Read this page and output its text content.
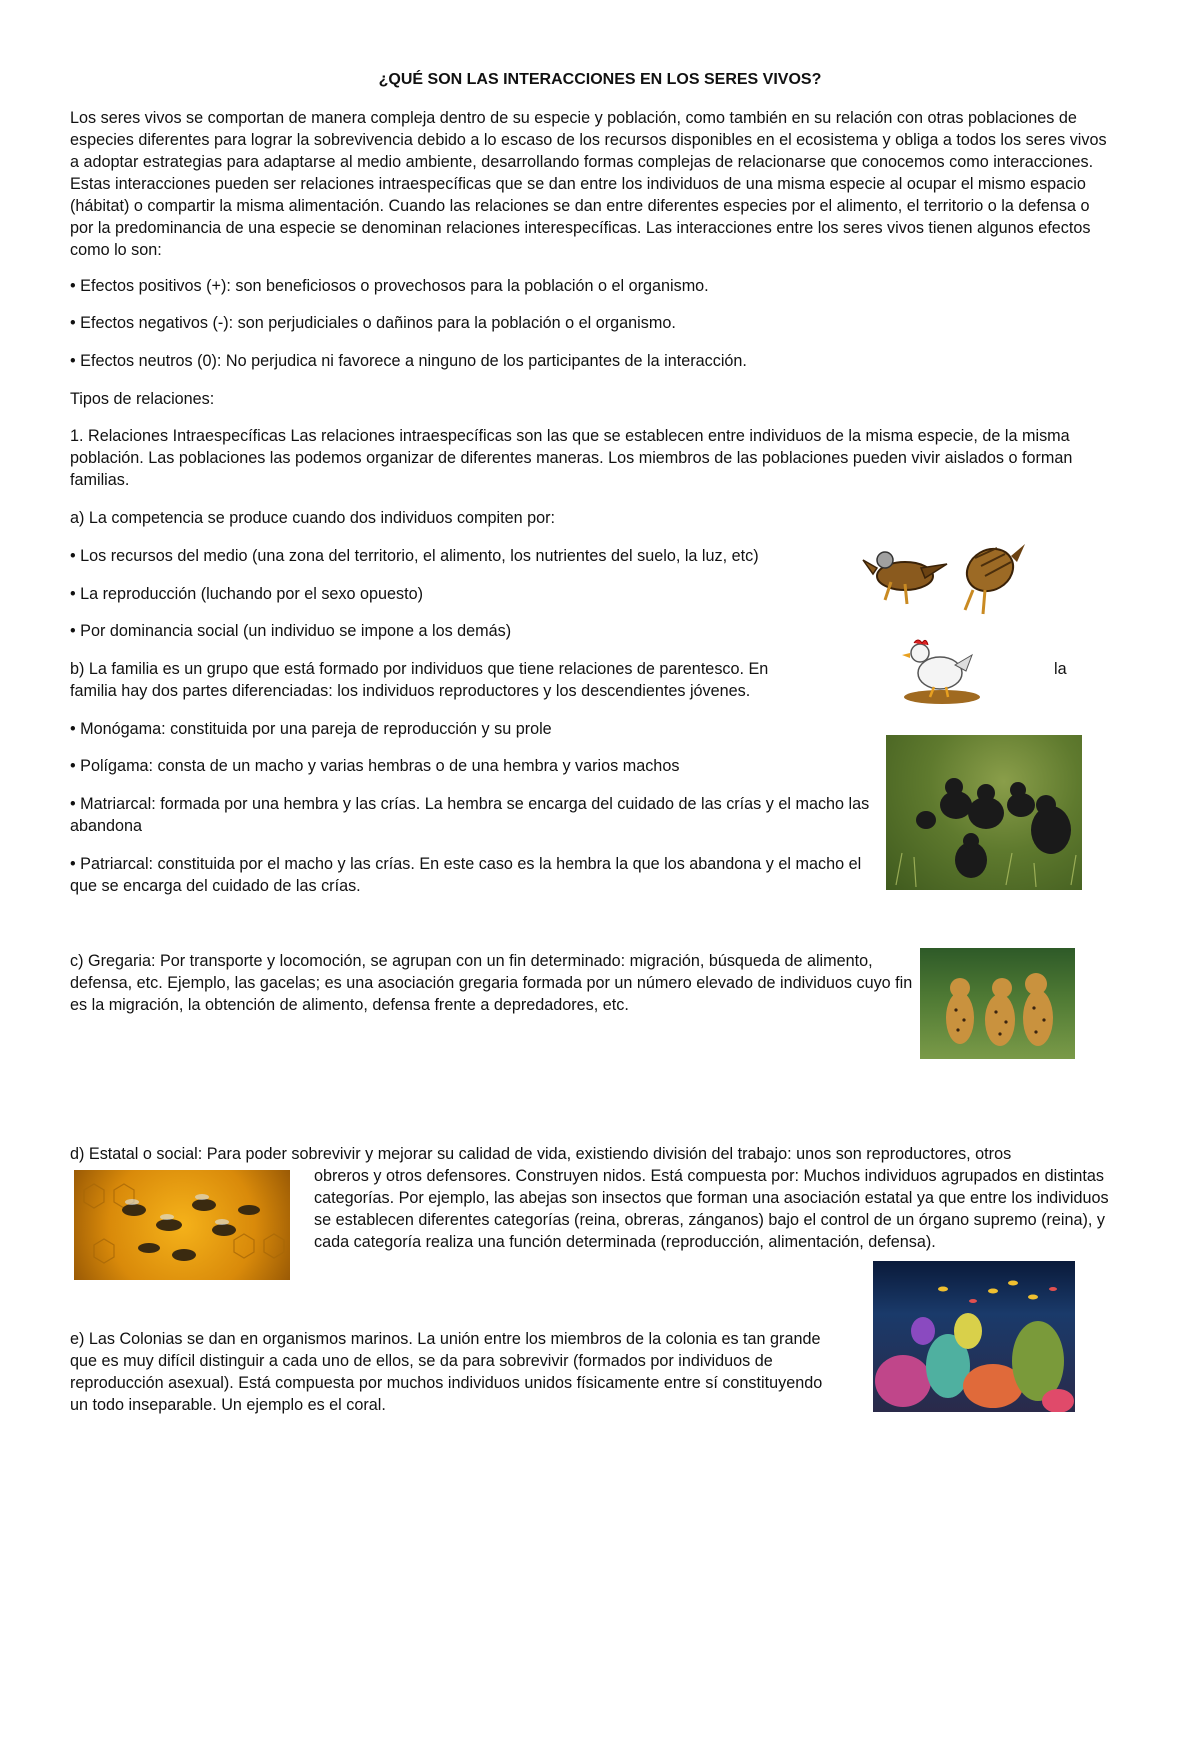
¿QUÉ SON LAS INTERACCIONES EN LOS SERES VIVOS?

Los seres vivos se comportan de manera compleja dentro de su especie y población, como también en su relación con otras poblaciones de especies diferentes para lograr la sobrevivencia debido a lo escaso de los recursos disponibles en el ecosistema y obliga a todos los seres vivos a adoptar estrategias para adaptarse al medio ambiente, desarrollando formas complejas de relacionarse que conocemos como interacciones. Estas interacciones pueden ser relaciones intraespecíficas que se dan entre los individuos de una misma especie al ocupar el mismo espacio (hábitat) o compartir la misma alimentación. Cuando las relaciones se dan entre diferentes especies por el alimento, el territorio o la defensa o por la predominancia de una especie se denominan relaciones interespecíficas. Las interacciones entre los seres vivos tienen algunos efectos como lo son:

• Efectos positivos (+): son beneficiosos o provechosos para la población o el organismo.

• Efectos negativos (-): son perjudiciales o dañinos para la población o el organismo.

• Efectos neutros (0): No perjudica ni favorece a ninguno de los participantes de la interacción.

Tipos de relaciones:

1. Relaciones Intraespecíficas Las relaciones intraespecíficas son las que se establecen entre individuos de la misma especie, de la misma población. Las poblaciones las podemos organizar de diferentes maneras. Los miembros de las poblaciones pueden vivir aislados o forman familias.

a) La competencia se produce cuando dos individuos compiten por:

• Los recursos del medio (una zona del territorio, el alimento, los nutrientes del suelo, la luz, etc)

• La reproducción (luchando por el sexo opuesto)

• Por dominancia social (un individuo se impone a los demás)

b) La familia es un grupo que está formado por individuos que tiene relaciones de parentesco. En	la

familia hay dos partes diferenciadas: los individuos reproductores y los descendientes jóvenes.

• Monógama: constituida por una pareja de reproducción y su prole

• Polígama: consta de un macho y varias hembras o de una hembra y varios machos

• Matriarcal: formada por una hembra y las crías. La hembra se encarga del cuidado de las crías y el macho las abandona

• Patriarcal: constituida por el macho y las crías. En este caso es la hembra la que los abandona y el macho el que se encarga del cuidado de las crías.

c) Gregaria: Por transporte y locomoción, se agrupan con un fin determinado: migración, búsqueda de alimento, defensa, etc. Ejemplo, las gacelas; es una asociación gregaria formada por un número elevado de individuos cuyo fin es la migración, la obtención de alimento, defensa frente a depredadores, etc.

d) Estatal o social: Para poder sobrevivir y mejorar su calidad de vida, existiendo división del trabajo: unos son reproductores, otros

obreros y otros defensores. Construyen nidos. Está compuesta por: Muchos individuos agrupados en distintas categorías. Por ejemplo, las abejas son insectos que forman una asociación estatal ya que entre los individuos se establecen diferentes categorías (reina, obreras, zánganos) bajo el control de un órgano supremo (reina), y cada categoría realiza una función determinada (reproducción, alimentación, defensa).

e) Las Colonias se dan en organismos marinos. La unión entre los miembros de la colonia es tan grande que es muy difícil distinguir a cada uno de ellos, se da para sobrevivir (formados por individuos de reproducción asexual). Está compuesta por muchos individuos unidos físicamente entre sí constituyendo un todo inseparable. Un ejemplo es el coral.
